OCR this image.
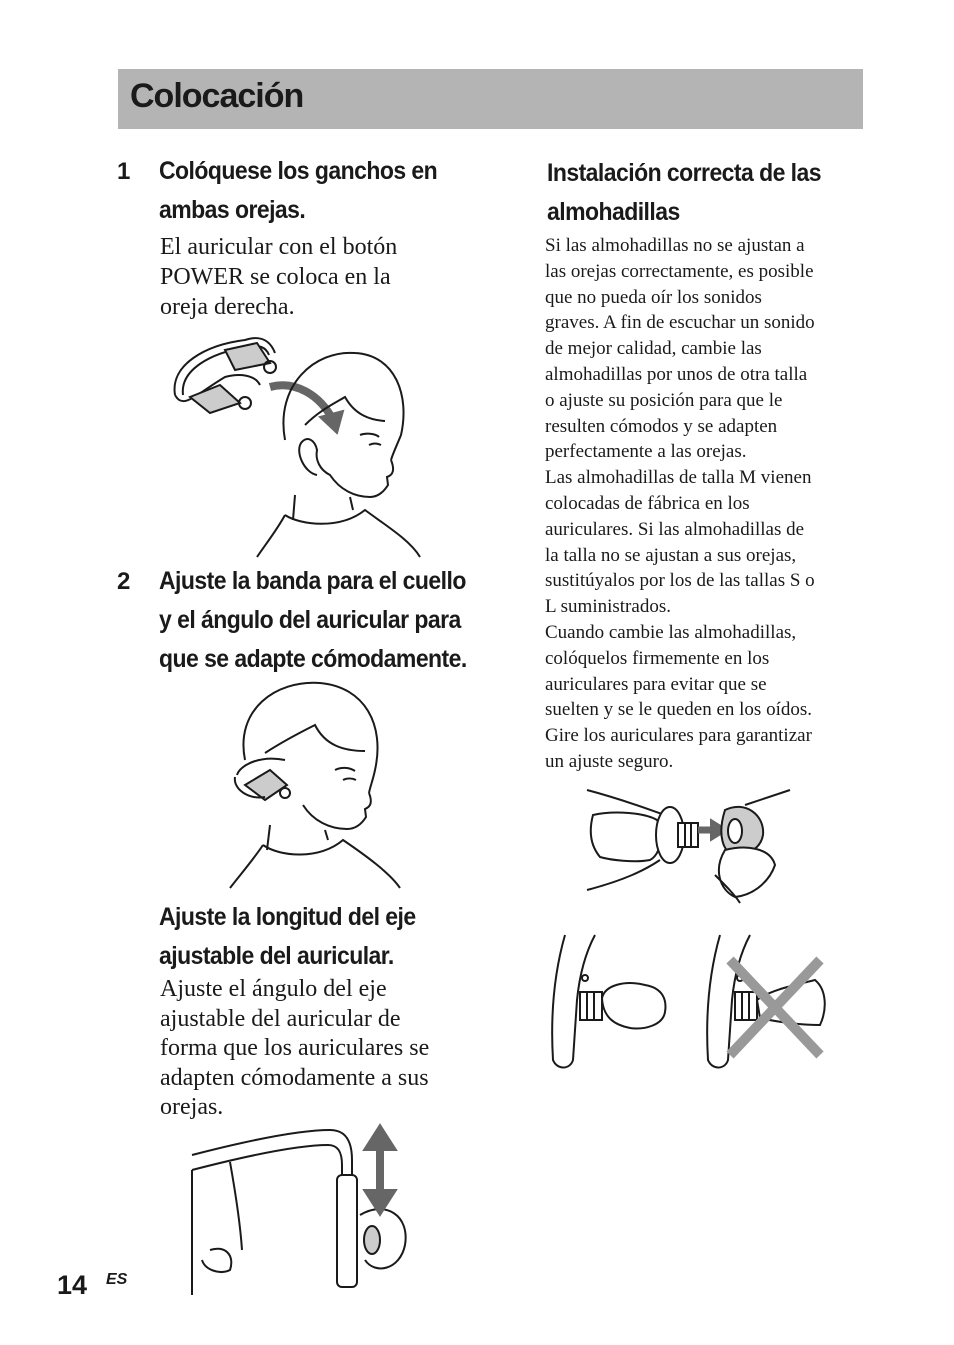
Colocación
1 Colóquese los ganchos en
ambas orejas.

El auricular con el botón

POWER se coloca en la

oreja derecha.

2 Ajuste la banda para el cuello
y el ángulo del auricular para
que se adapte cómodamente.
Ajuste la longitud del eje
ajustable del auricular.

Ajuste el ángulo del eje

ajustable del auricular de

forma que los auriculares se

adapten cómodamente a sus

orejas.

Instalación correcta de las
almohadillas

Si las almohadillas no se ajustan a

las orejas correctamente, es posible

que no pueda oír los sonidos

graves. A fin de escuchar un sonido

de mejor calidad, cambie las

almohadillas por unos de otra talla

o ajuste su posición para que le

resulten cómodos y se adapten

perfectamente a las orejas.

Las almohadillas de talla M vienen

colocadas de fábrica en los

auriculares. Si las almohadillas de

la talla no se ajustan a sus orejas,

sustitúyalos por los de las tallas S o

L suministrados.

Cuando cambie las almohadillas,

colóquelos firmemente en los

auriculares para evitar que se

suelten y se le queden en los oídos.

Gire los auriculares para garantizar

un ajuste seguro.

14 ES
